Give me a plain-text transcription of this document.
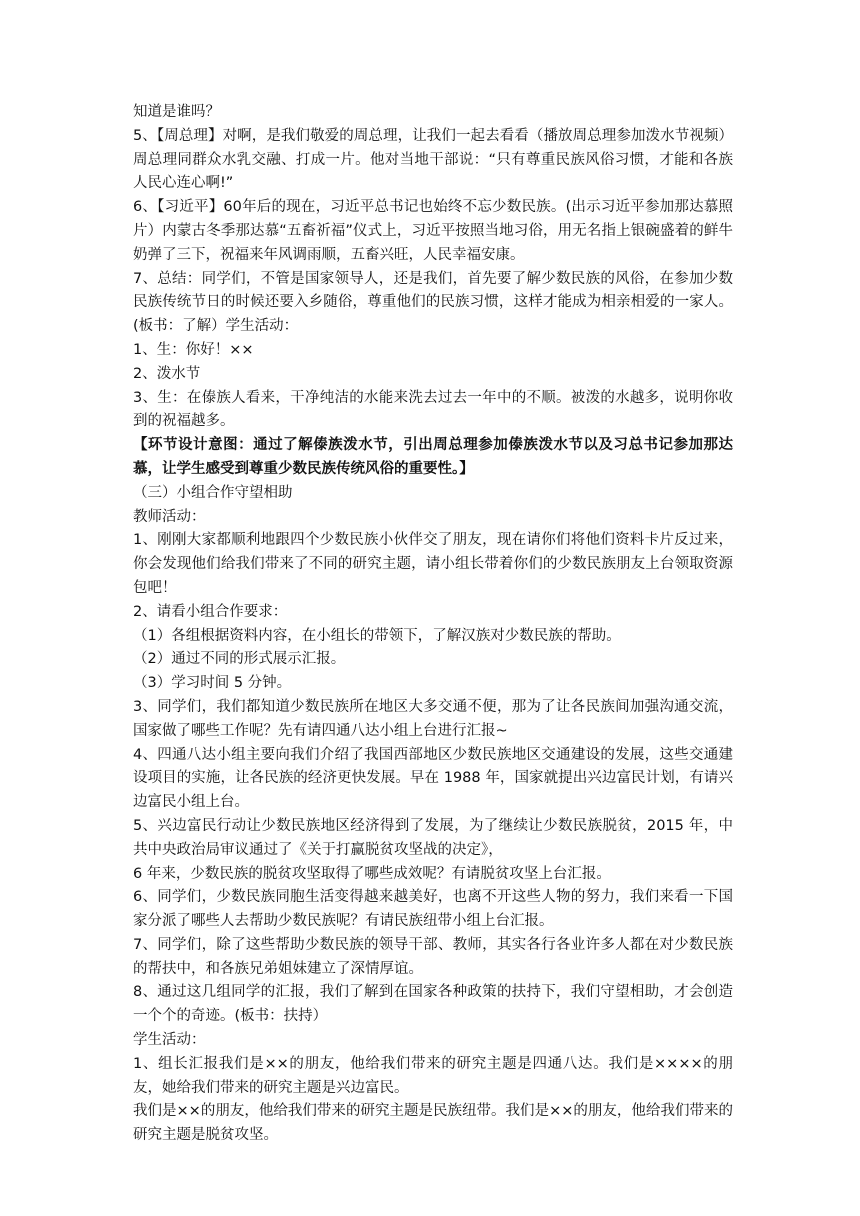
知道是谁吗？

5、【周总理】对啊，是我们敬爱的周总理，让我们一起去看看（播放周总理参加泼水节视频）周总理同群众水乳交融、打成一片。他对当地干部说：“只有尊重民族风俗习惯，才能和各族人民心连心啊!”

6、【习近平】60年后的现在，习近平总书记也始终不忘少数民族。(出示习近平参加那达慕照片）内蒙古冬季那达慕“五畜祈福”仪式上，习近平按照当地习俗，用无名指上银碗盛着的鲜牛奶弹了三下，祝福来年风调雨顺，五畜兴旺，人民幸福安康。

7、总结：同学们，不管是国家领导人，还是我们，首先要了解少数民族的风俗，在参加少数民族传统节日的时候还要入乡随俗，尊重他们的民族习惯，这样才能成为相亲相爱的一家人。(板书：了解）学生活动：

1、生：你好！××

2、泼水节

3、生：在傣族人看来，干净纯洁的水能来洗去过去一年中的不顺。被泼的水越多，说明你收到的祝福越多。

【环节设计意图：通过了解傣族泼水节，引出周总理参加傣族泼水节以及习总书记参加那达慕，让学生感受到尊重少数民族传统风俗的重要性。】

（三）小组合作守望相助

教师活动：

1、刚刚大家都顺利地跟四个少数民族小伙伴交了朋友，现在请你们将他们资料卡片反过来，你会发现他们给我们带来了不同的研究主题，请小组长带着你们的少数民族朋友上台领取资源包吧！

2、请看小组合作要求：

（1）各组根据资料内容，在小组长的带领下，了解汉族对少数民族的帮助。

（2）通过不同的形式展示汇报。

（3）学习时间 5 分钟。

3、同学们，我们都知道少数民族所在地区大多交通不便，那为了让各民族间加强沟通交流，国家做了哪些工作呢？先有请四通八达小组上台进行汇报~

4、四通八达小组主要向我们介绍了我国西部地区少数民族地区交通建设的发展，这些交通建设项目的实施，让各民族的经济更快发展。早在 1988 年，国家就提出兴边富民计划，有请兴边富民小组上台。

5、兴边富民行动让少数民族地区经济得到了发展，为了继续让少数民族脱贫，2015 年，中共中央政治局审议通过了《关于打赢脱贫攻坚战的决定》，

6 年来，少数民族的脱贫攻坚取得了哪些成效呢？有请脱贫攻坚上台汇报。

6、同学们，少数民族同胞生活变得越来越美好，也离不开这些人物的努力，我们来看一下国家分派了哪些人去帮助少数民族呢？有请民族纽带小组上台汇报。

7、同学们，除了这些帮助少数民族的领导干部、教师，其实各行各业许多人都在对少数民族的帮扶中，和各族兄弟姐妹建立了深情厚谊。

8、通过这几组同学的汇报，我们了解到在国家各种政策的扶持下，我们守望相助，才会创造一个个的奇迹。(板书：扶持）

学生活动：

1、组长汇报我们是××的朋友，他给我们带来的研究主题是四通八达。我们是××××的朋友，她给我们带来的研究主题是兴边富民。

我们是××的朋友，他给我们带来的研究主题是民族纽带。我们是××的朋友，他给我们带来的研究主题是脱贫攻坚。
